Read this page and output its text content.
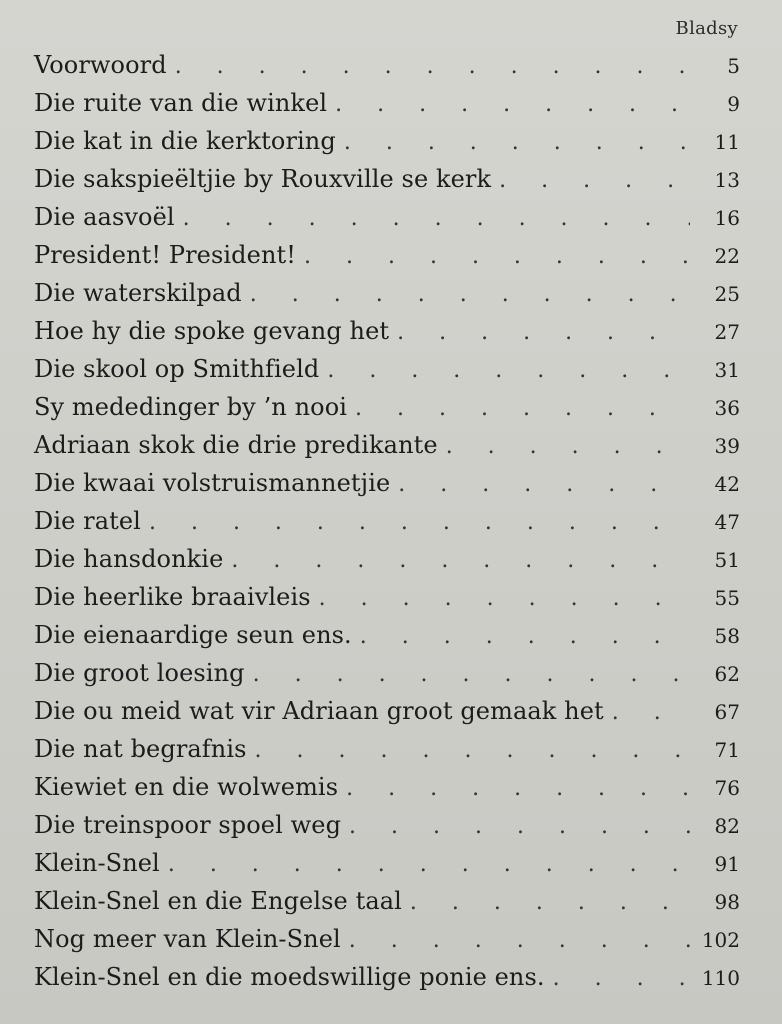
Bladsy
Voorwoord . . .	5
Die ruite van die winkel . . .	9
Die kat in die kerktoring . . .	11
Die sakspieëltjie by Rouxville se kerk . . .	13
Die aasvoël . . .	16
President! President! . . .	22
Die waterskilpad . . .	25
Hoe hy die spoke gevang het . . .	27
Die skool op Smithfield . . .	31
Sy mededinger by ’n nooi . . .	36
Adriaan skok die drie predikante . . .	39
Die kwaai volstruismannetjie . . .	42
Die ratel . . .	47
Die hansdonkie . . .	51
Die heerlike braaivleis . . .	55
Die eienaardige seun ens. . . .	58
Die groot loesing . . .	62
Die ou meid wat vir Adriaan groot gemaak het . . .	67
Die nat begrafnis . . .	71
Kiewiet en die wolwemis . . .	76
Die treinspoor spoel weg . . .	82
Klein-Snel . . .	91
Klein-Snel en die Engelse taal . . .	98
Nog meer van Klein-Snel . . .	102
Klein-Snel en die moedswillige ponie ens. . . .	110
